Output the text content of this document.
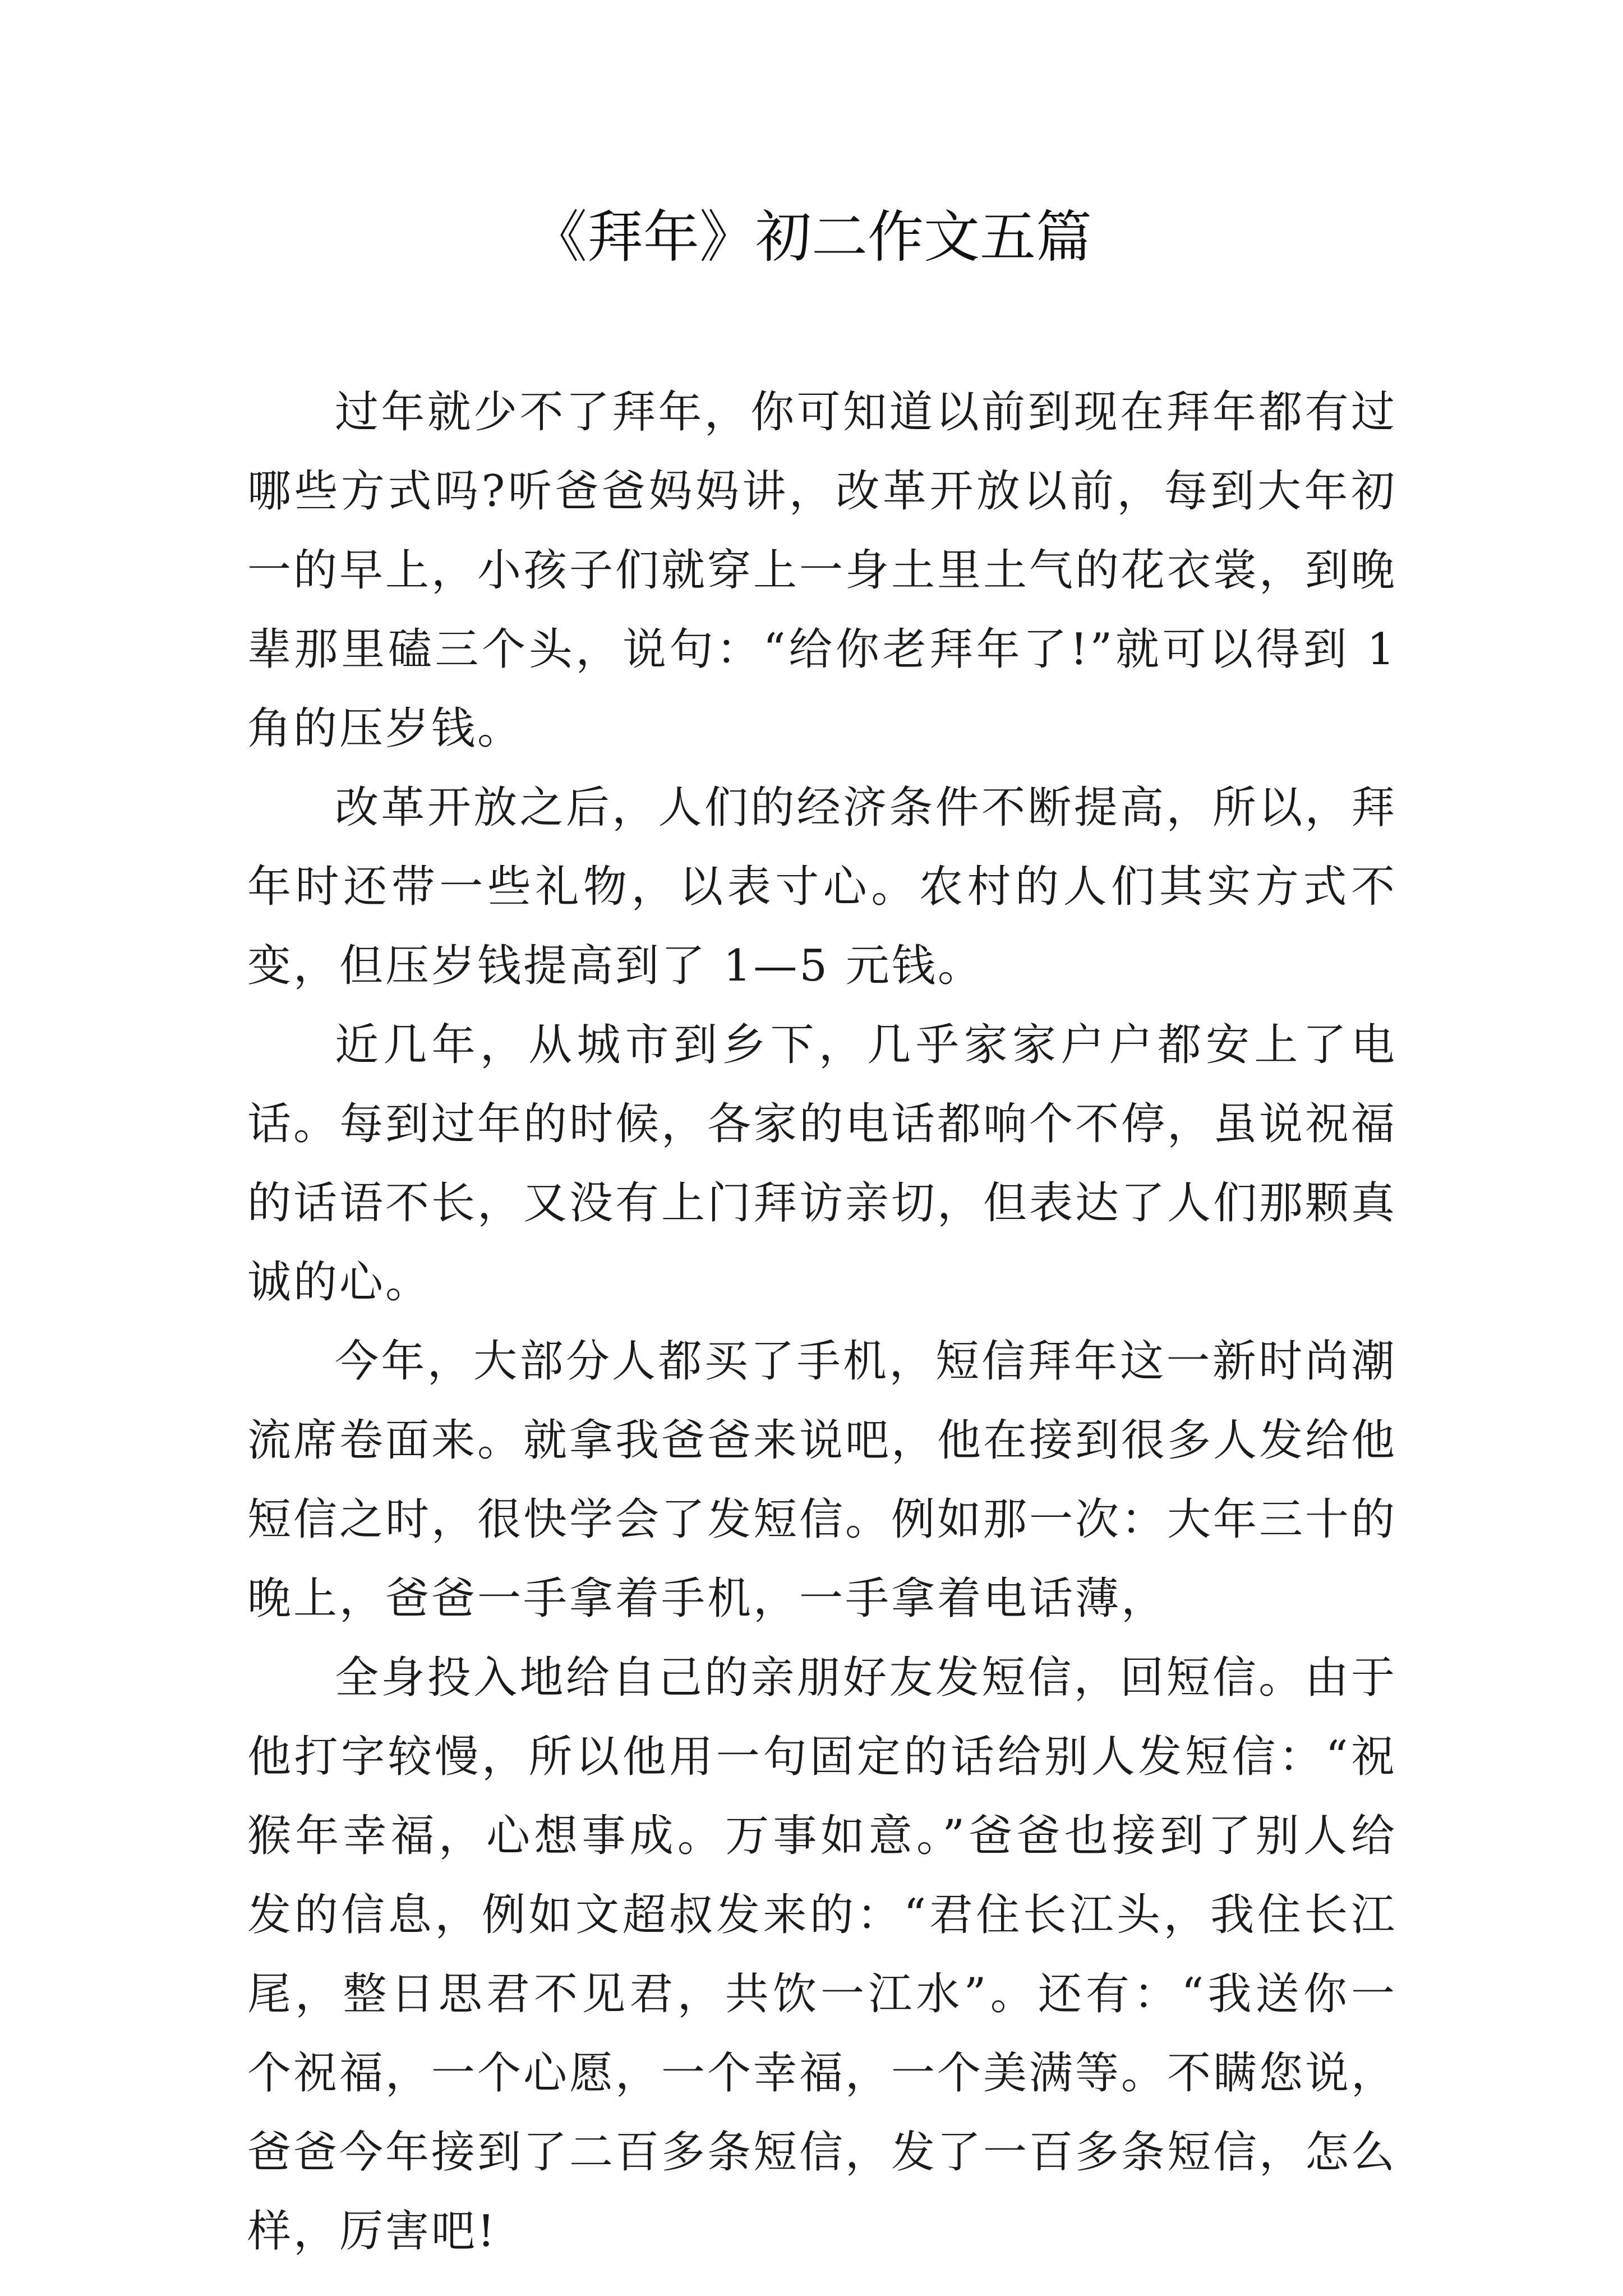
《拜年》初二作文五篇

过年就少不了拜年，你可知道以前到现在拜年都有过哪些方式吗?听爸爸妈妈讲，改革开放以前，每到大年初一的早上，小孩子们就穿上一身土里土气的花衣裳，到晚辈那里磕三个头，说句：“给你老拜年了!”就可以得到 1 角的压岁钱。

改革开放之后，人们的经济条件不断提高，所以，拜年时还带一些礼物，以表寸心。农村的人们其实方式不变，但压岁钱提高到了 1—5 元钱。

近几年，从城市到乡下，几乎家家户户都安上了电话。每到过年的时候，各家的电话都响个不停，虽说祝福的话语不长，又没有上门拜访亲切，但表达了人们那颗真诚的心。

今年，大部分人都买了手机，短信拜年这一新时尚潮流席卷面来。就拿我爸爸来说吧，他在接到很多人发给他短信之时，很快学会了发短信。例如那一次：大年三十的晚上，爸爸一手拿着手机，一手拿着电话薄，

全身投入地给自己的亲朋好友发短信，回短信。由于他打字较慢，所以他用一句固定的话给别人发短信：“祝猴年幸福，心想事成。万事如意。”爸爸也接到了别人给发的信息，例如文超叔发来的：“君住长江头，我住长江尾，整日思君不见君，共饮一江水”。还有：“我送你一个祝福，一个心愿，一个幸福，一个美满等。不瞒您说，爸爸今年接到了二百多条短信，发了一百多条短信，怎么样，厉害吧!
